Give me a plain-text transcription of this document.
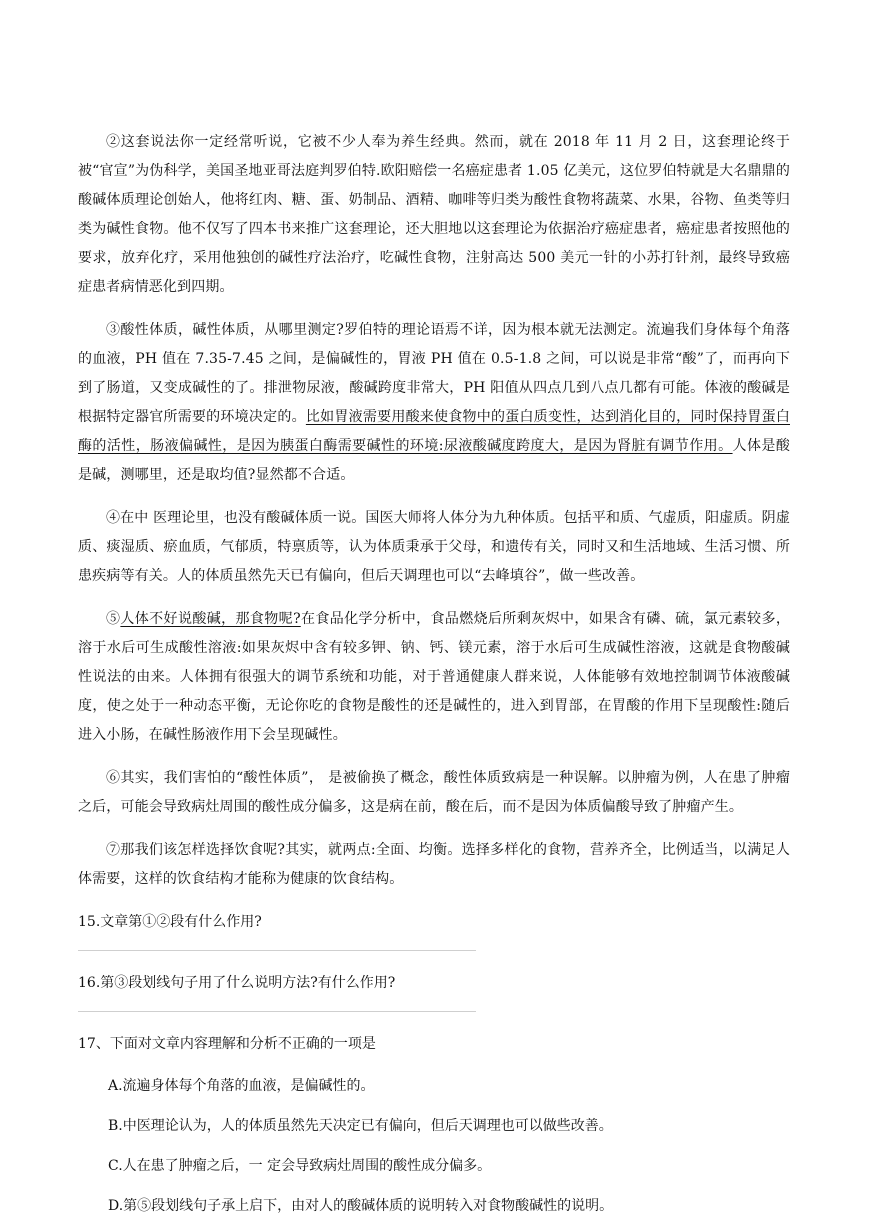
②这套说法你一定经常听说，它被不少人奉为养生经典。然而，就在 2018 年 11 月 2 日，这套理论终于被“官宣”为伪科学，美国圣地亚哥法庭判罗伯特.欧阳赔偿一名癌症患者 1.05 亿美元，这位罗伯特就是大名鼎鼎的酸碱体质理论创始人，他将红肉、糖、蛋、奶制品、酒精、咖啡等归类为酸性食物将蔬菜、水果，谷物、鱼类等归类为碱性食物。他不仅写了四本书来推广这套理论，还大胆地以这套理论为依据治疗癌症患者，癌症患者按照他的要求，放弃化疗，采用他独创的碱性疗法治疗，吃碱性食物，注射高达 500 美元一针的小苏打针剂，最终导致癌症患者病情恶化到四期。

③酸性体质，碱性体质，从哪里测定?罗伯特的理论语焉不详，因为根本就无法测定。流遍我们身体每个角落的血液，PH 值在 7.35-7.45 之间，是偏碱性的，胃液 PH 值在 0.5-1.8 之间，可以说是非常“酸”了，而再向下到了肠道，又变成碱性的了。排泄物尿液，酸碱跨度非常大，PH 阳值从四点几到八点几都有可能。体液的酸碱是根据特定器官所需要的环境决定的。比如胃液需要用酸来使食物中的蛋白质变性，达到消化目的，同时保持胃蛋白酶的活性，肠液偏碱性，是因为胰蛋白酶需要碱性的环境:尿液酸碱度跨度大，是因为肾脏有调节作用。人体是酸是碱，测哪里，还是取均值?显然都不合适。

④在中 医理论里，也没有酸碱体质一说。国医大师将人体分为九种体质。包括平和质、气虚质，阳虚质。阴虚质、痰湿质、瘀血质，气郁质，特禀质等，认为体质秉承于父母，和遗传有关，同时又和生活地域、生活习惯、所患疾病等有关。人的体质虽然先天已有偏向，但后天调理也可以“去峰填谷”，做一些改善。

⑤人体不好说酸碱，那食物呢?在食品化学分析中，食品燃烧后所剩灰烬中，如果含有磷、硫，氯元素较多，溶于水后可生成酸性溶液:如果灰烬中含有较多钾、钠、钙、镁元素，溶于水后可生成碱性溶液，这就是食物酸碱性说法的由来。人体拥有很强大的调节系统和功能，对于普通健康人群来说，人体能够有效地控制调节体液酸碱度，使之处于一种动态平衡，无论你吃的食物是酸性的还是碱性的，进入到胃部，在胃酸的作用下呈现酸性:随后进入小肠，在碱性肠液作用下会呈现碱性。

⑥其实，我们害怕的“酸性体质”， 是被偷换了概念，酸性体质致病是一种误解。以肿瘤为例，人在患了肿瘤之后，可能会导致病灶周围的酸性成分偏多，这是病在前，酸在后，而不是因为体质偏酸导致了肿瘤产生。

⑦那我们该怎样选择饮食呢?其实，就两点:全面、均衡。选择多样化的食物，营养齐全，比例适当，以满足人体需要，这样的饮食结构才能称为健康的饮食结构。

15.文章第①②段有什么作用?

16.第③段划线句子用了什么说明方法?有什么作用?

17、下面对文章内容理解和分析不正确的一项是

A.流遍身体每个角落的血液，是偏碱性的。

B.中医理论认为，人的体质虽然先天决定已有偏向，但后天调理也可以做些改善。

C.人在患了肿瘤之后，一 定会导致病灶周围的酸性成分偏多。

D.第⑤段划线句子承上启下，由对人的酸碱体质的说明转入对食物酸碱性的说明。
